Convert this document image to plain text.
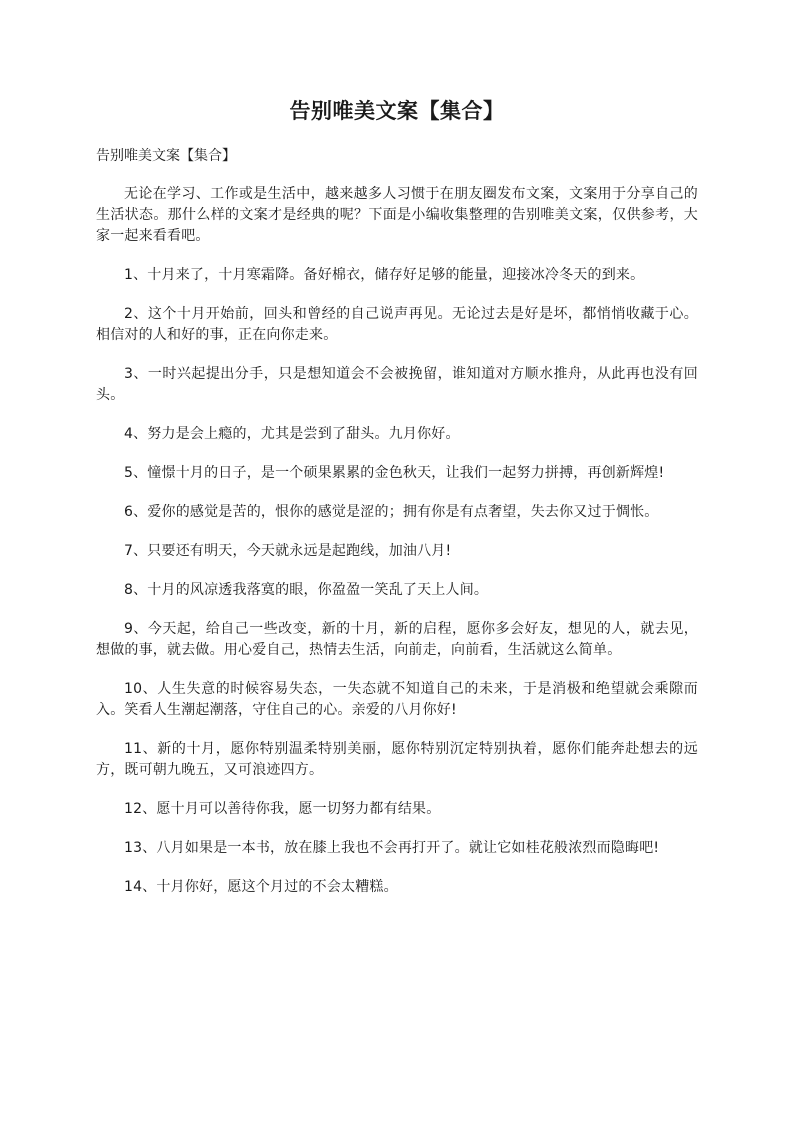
告别唯美文案【集合】

告别唯美文案【集合】

无论在学习、工作或是生活中，越来越多人习惯于在朋友圈发布文案，文案用于分享自己的生活状态。那什么样的文案才是经典的呢？下面是小编收集整理的告别唯美文案，仅供参考，大家一起来看看吧。

1、十月来了，十月寒霜降。备好棉衣，储存好足够的能量，迎接冰冷冬天的到来。

2、这个十月开始前，回头和曾经的自己说声再见。无论过去是好是坏，都悄悄收藏于心。相信对的人和好的事，正在向你走来。

3、一时兴起提出分手，只是想知道会不会被挽留，谁知道对方顺水推舟，从此再也没有回头。

4、努力是会上瘾的，尤其是尝到了甜头。九月你好。

5、憧憬十月的日子，是一个硕果累累的金色秋天，让我们一起努力拼搏，再创新辉煌!

6、爱你的感觉是苦的，恨你的感觉是涩的；拥有你是有点奢望，失去你又过于惆怅。

7、只要还有明天，今天就永远是起跑线，加油八月!

8、十月的风凉透我落寞的眼，你盈盈一笑乱了天上人间。

9、今天起，给自己一些改变，新的十月，新的启程，愿你多会好友，想见的人，就去见，想做的事，就去做。用心爱自己，热情去生活，向前走，向前看，生活就这么简单。

10、人生失意的时候容易失态，一失态就不知道自己的未来，于是消极和绝望就会乘隙而入。笑看人生潮起潮落，守住自己的心。亲爱的八月你好!

11、新的十月，愿你特别温柔特别美丽，愿你特别沉定特别执着，愿你们能奔赴想去的远方，既可朝九晚五，又可浪迹四方。

12、愿十月可以善待你我，愿一切努力都有结果。

13、八月如果是一本书，放在膝上我也不会再打开了。就让它如桂花般浓烈而隐晦吧!

14、十月你好，愿这个月过的不会太糟糕。
